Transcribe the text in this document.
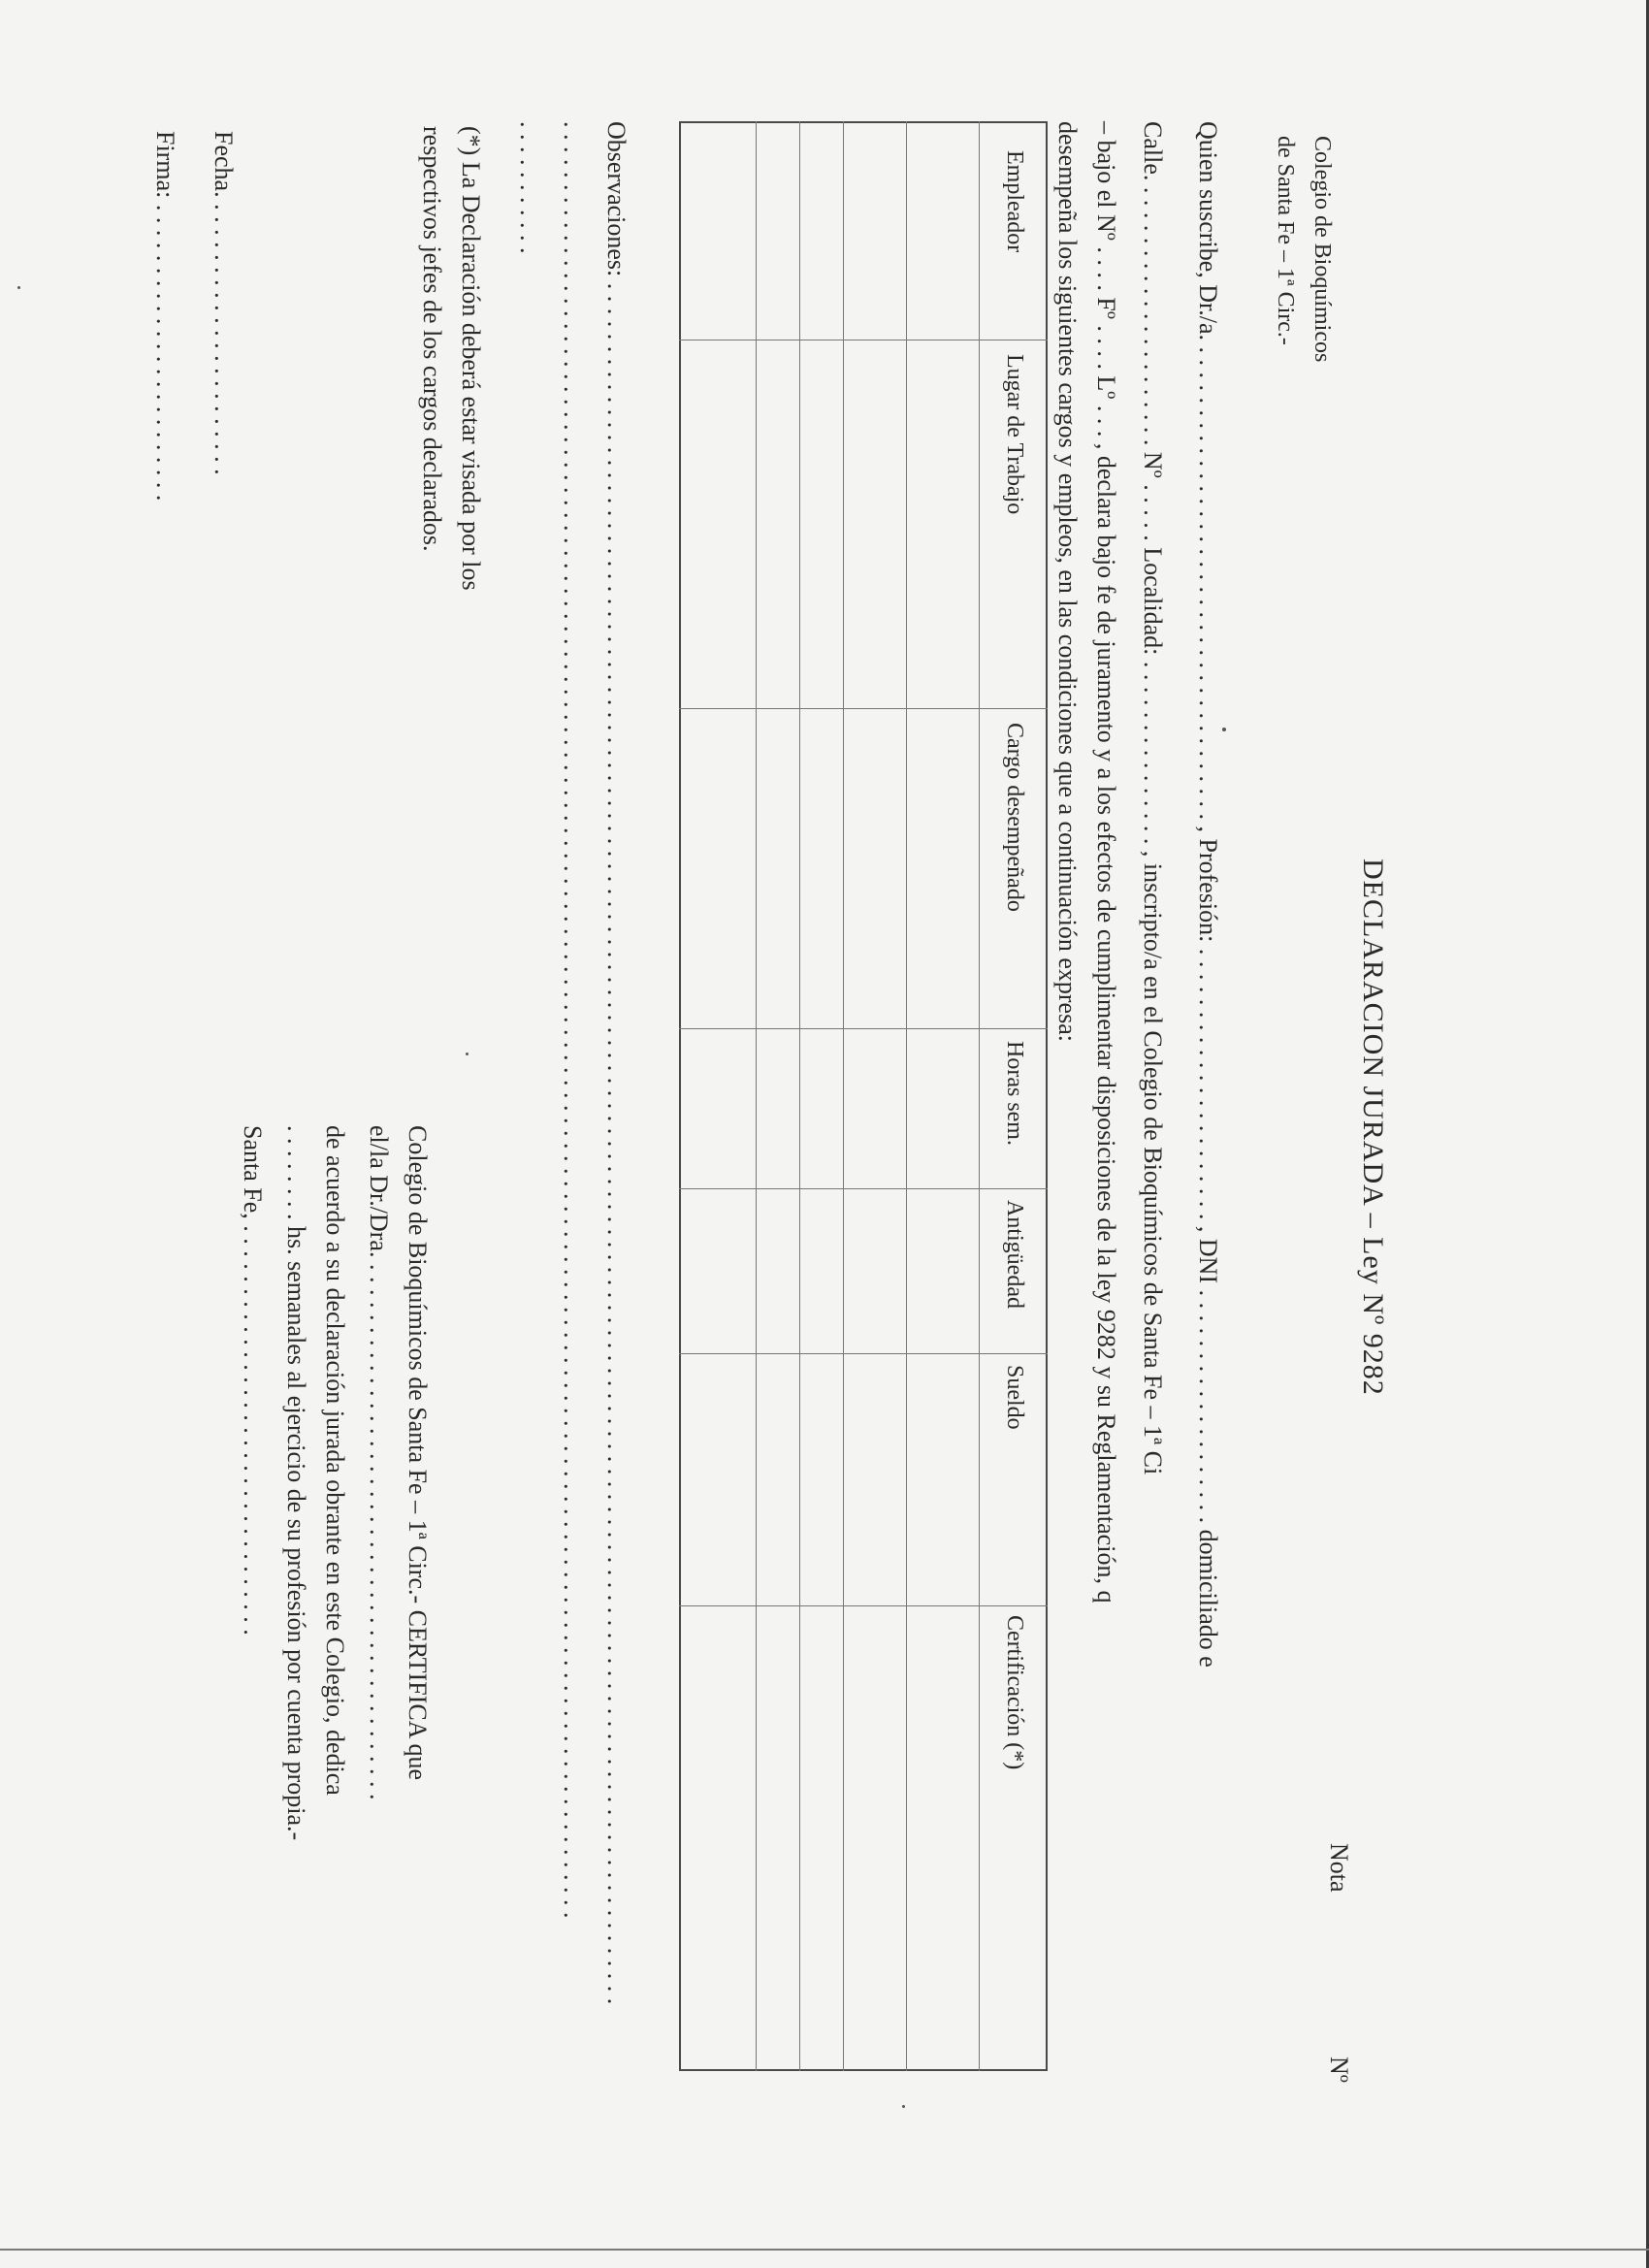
Colegio de Bioquímicos
de Santa Fe – 1ª Circ.-
Nota
Nº
DECLARACION JURADA – Ley Nº 9282
Quien suscribe, Dr./a. . . . . . . . . . . . . . . . . . . . . . . . . . . . . . . . . . . . . . . , Profesión: . . . . . . . . . . . . . . . . . . . . . . , DNI . . . . . . . . . . . . . . . . . . . domiciliado e
Calle. . . . . . . . . . . . . . . . . . . . . . Nº . . . . . Localidad: . . . . . . . . . . . . . . . , inscripto/a en el Colegio de Bioquímicos de Santa Fe – 1ª Ci
– bajo el Nº . . . . Fº . . . . Lº . . . , declara bajo fe de juramento y a los efectos de cumplimentar disposiciones de la ley 9282 y su Reglamentación, q
desempeña los siguientes cargos y empleos, en las condiciones que a continuación expresa:
Empleador
Lugar de Trabajo
Cargo desempeñado
Horas sem.
Antigüedad
Sueldo
Certificación (*)
Observaciones: . . . . . . . . . . . . . . . . . . . . . . . . . . . . . . . . . . . . . . . . . . . . . . . . . . . . . . . . . . . . . . . . . . . . . . . . . . . . . . . . . . . . . . . . . . . . . . . . . . . . . . . . . . . . . . . . . . . . . . . . . . . . . . . . . . . . . . . . .
. . . . . . . . . . . . . . . . . . . . . . . . . . . . . . . . . . . . . . . . . . . . . . . . . . . . . . . . . . . . . . . . . . . . . . . . . . . . . . . . . . . . . . . . . . . . . . . . . . . . . . . . . . . . . . . . . . . . . . . . . . . . . . . . . . . . . . . . . . . . . . .
. . . . . . . . . . .
(*) La Declaración deberá estar visada por los
respectivos jefes de los cargos declarados.
Colegio de Bioquímicos de Santa Fe – 1ª Circ.- CERTIFICA que
el/la Dr./Dra. . . . . . . . . . . . . . . . . . . . . . . . . . . . . . . . . . . . . . . . . . . .
de acuerdo a su declaración jurada obrante en este Colegio, dedica
. . . . . . . . hs. semanales al ejercicio de su profesión por cuenta propia.-
Santa Fe, . . . . . . . . . . . . . . . . . . . . . . . . . . . . . . . . .
Fecha. . . . . . . . . . . . . . . . . . . . . . .
Firma: . . . . . . . . . . . . . . . . . . . . . . . .
